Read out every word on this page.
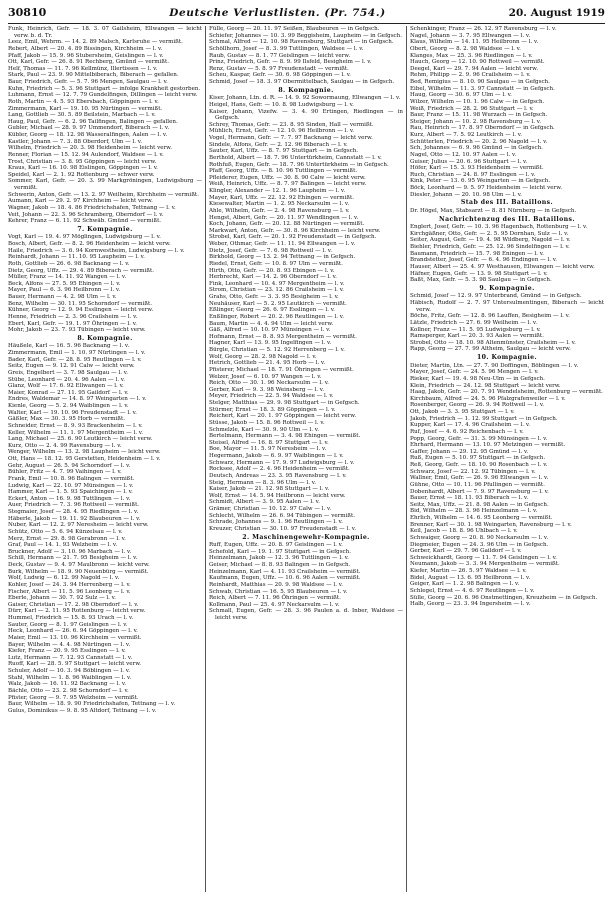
30810	Deutsche Verlustlisten. (Pr. 754.)	20. August 1919

Funk, Heinrich, Gefr. — 18. 3. 07 Gailsheim, Ellwangen — leicht verw. b. d. Tr.

Leez, Emil, Wehrm. — 14. 2. 89 Malsch, Karlsruhe — vermißt.

Rebert, Albert — 20. 4. 89 Bissingen, Kirchheim — l. v.

Pfaff, Jakob — 15. 9. 96 Stubersheim, Geislingen — l. v.

Ott, Karl, Gefr. — 26. 8. 91 Rechberg, Gmünd — vermißt.

Helf, Thomas — 11. 7. 96 Kellmünz, Illertissen — l. v.

Stark, Paul — 23. 9. 90 Mittelbiberach, Biberach — gefallen.

Baur, Friedrich, Gefr. — 5. 7. 96 Mengen, Saulgau — l. v.

Kuhn, Friedrich — 5. 3. 96 Stuttgart — infolge Krankheit gestorben.

Luhmann, Ernst — 12. 7. 79 Gundelfingen, Dillingen — leicht verw.

Roth, Martin — 4. 5. 93 Ebersbach, Göppingen — l. v.

Zimmermann, Karl — 19. 10. 95 Nürtingen — vermißt.

Lang, Gottlieb — 30. 5. 89 Beilstein, Marbach — l. v.

Haug, Paul, Gefr. — 6. 2. 96 Tailfingen, Balingen — gefallen.

Gubler, Michael — 28. 9. 97 Ummendorf, Biberach — l. v.

Kübler, Georg — 18. 12. 98 Wasseralfingen, Aalen — l. v.

Kastler, Johann — 7. 3. 88 Oberdorf, Ulm — l. v.

Wilhelm, Friedrich — 20. 3. 98 Heidenheim — leicht verw.

Renner, Florian — 15. 12. 94 Aulendorf, Waldsee — l. v.

Trost, Christian — 3. 8. 95 Göppingen — leicht verw.

Kraus, Karl — 16. 10. 98 Eislingen, Göppingen — l. v.

Speidel, Karl — 2. 1. 92 Rottenburg — schwer verw.

Sommer, Karl, Gefr. — 20. 3. 99 Markgröningen, Ludwigsburg — vermißt.

Schwerin, Anton, Gefr. — 13. 2. 97 Weilheim, Kirchheim — vermißt.

Aumann, Karl — 29. 2. 97 Kirchheim — leicht verw.

Wagner, Jakob — 18. 4. 86 Friedrichshafen, Tettnang — l. v.

Veit, Johann — 22. 3. 96 Schramberg, Oberndorf — l. v.

Kehrer, Franz — 6. 11. 92 Schwäb. Gmünd — vermißt.

7. Kompagnie.

Vogt, Karl — 19. 4. 97 Möglingen, Ludwigsburg — l. v.

Bosch, Albert, Gefr. — 8. 2. 96 Heidenheim — leicht verw.

Haile, Friedrich — 3. 6. 94 Kornwestheim, Ludwigsburg — l. v.

Reinhardt, Johann — 11. 10. 95 Laupheim — l. v.

Roth, Gottlieb — 26. 6. 98 Backnang — l. v.

Dietz, Georg, Uffz. — 29. 4. 89 Biberach — vermißt.

Müller, Franz — 14. 11. 92 Wangen — l. v.

Beck, Alfons — 27. 5. 95 Ehingen — l. v.

Mayer, Paul — 6. 3. 96 Heilbronn — l. v.

Bauer, Hermann — 4. 2. 98 Ulm — l. v.

Benz, Wilhelm — 30. 11. 95 Schorndorf — vermißt.

Kühner, Georg — 12. 9. 94 Esslingen — leicht verw.

Henne, Friedrich — 2. 3. 96 Crailsheim — l. v.

Ebert, Karl, Gefr. — 19. 1. 97 Öhringen — l. v.

Mohr, Jakob — 23. 7. 93 Tübingen — leicht verw.

8. Kompagnie.

Häußele, Karl — 16. 5. 96 Backnang — l. v.

Zimmermann, Emil — 1. 10. 97 Nürtingen — l. v.

Bader, Karl, Gefr. — 28. 8. 95 Reutlingen — l. v.

Seitz, Eugen — 9. 12. 91 Calw — leicht verw.

Greis, Engelbert — 3. 7. 98 Saulgau — l. v.

Stübe, Leonhard — 20. 4. 96 Aalen — l. v.

Glanz, Wolf — 17. 6. 92 Ellwangen — l. v.

Maier, Konrad — 27. 11. 95 Gaildorf — l. v.

Endres, Waldemar — 14. 8. 97 Weingarten — l. v.

Kienle, Georg — 5. 2. 94 Waiblingen — l. v.

Walter, Karl — 19. 10. 96 Freudenstadt — l. v.

Gäßler, Max — 30. 3. 95 Horb — vermißt.

Schneider, Ernst — 8. 9. 93 Brackenheim — l. v.

Keller, Wilhelm — 11. 1. 97 Mergentheim — l. v.

Lang, Michael — 25. 6. 90 Leutkirch — leicht verw.

Kurz, Otto — 2. 4. 99 Ravensburg — l. v.

Wenger, Wilhelm — 13. 2. 98 Laupheim — leicht verw.

Ott, Hans — 18. 12. 95 Gerstetten, Heidenheim — l. v.

Gehr, August — 26. 5. 94 Schorndorf — l. v.

Bühler, Fritz — 4. 7. 99 Vaihingen — l. v.

Frank, Emil — 10. 8. 96 Balingen — vermißt.

Ludwig, Karl — 22. 10. 97 Münsingen — l. v.

Hammer, Karl — 1. 5. 93 Spaichingen — l. v.

Eckert, Anton — 16. 9. 98 Tuttlingen — l. v.

Auer, Friedrich — 7. 3. 96 Rottweil — vermißt.

Stegmaier, Josef — 28. 4. 95 Riedlingen — l. v.

Häberle, Jakob — 19. 11. 92 Blaubeuren — l. v.

Nuber, Karl — 12. 2. 97 Neresheim — leicht verw.

Schütz, Otto — 5. 6. 94 Künzelsau — l. v.

Merz, Ernst — 29. 8. 98 Gerabronn — l. v.

Graf, Paul — 14. 1. 93 Welzheim — l. v.

Bruckner, Adolf — 3. 10. 96 Marbach — l. v.

Schill, Hermann — 21. 7. 95 Besigheim — l. v.

Deck, Gustav — 9. 4. 97 Maulbronn — leicht verw.

Burk, Wilhelm — 18. 9. 90 Neuenbürg — vermißt.

Wolf, Ludwig — 6. 12. 99 Nagold — l. v.

Kohler, Josef — 24. 3. 94 Herrenberg — l. v.

Fischer, Albert — 11. 5. 96 Leonberg — l. v.

Eberle, Johann — 30. 7. 92 Sulz — l. v.

Gaiser, Christian — 17. 2. 98 Oberndorf — l. v.

Dürr, Karl — 2. 11. 95 Rottenburg — leicht verw.

Hummel, Friedrich — 15. 8. 93 Urach — l. v.

Sauter, Georg — 8. 1. 97 Geislingen — l. v.

Heck, Leonhard — 26. 6. 94 Göppingen — l. v.

Maier, Emil — 13. 10. 96 Kirchheim — vermißt.

Bayer, Wilhelm — 4. 4. 98 Nürtingen — l. v.

Kiefer, Franz — 20. 9. 95 Esslingen — l. v.

Lutz, Hermann — 7. 12. 93 Cannstatt — l. v.

Ruoff, Karl — 28. 5. 97 Stuttgart — leicht verw.

Schuler, Adolf — 10. 3. 94 Böblingen — l. v.

Stahl, Wilhelm — 1. 8. 96 Waiblingen — l. v.

Walz, Jakob — 16. 11. 92 Backnang — l. v.

Bächle, Otto — 23. 2. 98 Schorndorf — l. v.

Pfister, Georg — 9. 7. 95 Welzheim — vermißt.

Baur, Wilhelm — 18. 9. 90 Friedrichshafen, Tettnang — l. v.

Gulus, Dominikus — 9. 8. 95 Altdorf, Tettnang — l. v.

Fülle, Georg — 20. 11. 97 Seißen, Blaubeuren — in Gefgsch.

Schiefer, Johannes — 10. 3. 99 Beggisheim, Laupheim — in Gefgsch.

Schmal, Alfred — 12. 10. 98 Ravensburg, Stuttgart — in Gefgsch.

Schöllhorn, Josef — 8. 3. 99 Tuttlingen, Waldsee — l. v.

Raub, Gustav — 8. 1. 77 Geislingen — leicht verw.

Prinz, Friedrich, Gefr. — 8. 9. 99 Ilsfeld, Besigheim — l. v.

Renz, Gustav — 5. 8. 97 Freudenstadt — vermißt.

Scheu, Kaspar, Gefr. — 30. 6. 98 Göppingen — l. v.

Schmid, Josef — 18. 3. 97 Obermittelbach, Saulgau — in Gefgsch.

8. Kompagnie.

Kiser, Johann, Ltn. d. R. — 14. 9. 92 Sowormaung, Ellwangen — l. v.

Heigel, Hans, Gefr. — 10. 8. 98 Ludwigsburg — l. v.

Kaiser, Johann, Vizefw. — 3. 4. 90 Ertingen, Riedlingen — in Gefgsch.

Schrey, Thomas, Gefr. — 23. 8. 95 Sinden, Hall — vermißt.

Mühlich, Ernst, Gefr. — 12. 10. 96 Heilbronn — l. v.

Vogel, Hermann, Gefr. — 7. 7. 97 Backnang — leicht verw.

Sindele, Alfons, Gefr. — 2. 12. 96 Biberach — l. v.

Sauter, Karl, Uffz. — 8. 7. 97 Stuttgart — in Gefgsch.

Berthold, Albert — 18. 7. 96 Untertürkheim, Cannstatt — l. v.

Rothfuß, Eugen, Gefr. — 18. 7. 96 Untertürkheim — in Gefgsch.

Pfaff, Georg, Uffz. — 8. 10. 96 Tuttlingen — vermißt.

Pfleiderer, Eugen, Uffz. — 30. 8. 90 Calw — leicht verw.

Weiß, Heinrich, Uffz. — 8. 7. 97 Balingen — leicht verw.

Klingler, Alexander — 12. 1. 96 Laupheim — l. v.

Mayer, Karl, Uffz. — 22. 12. 92 Ehingen — vermißt.

Kiesewalter, Martin — 1. 2. 95 Neckarsulm — l. v.

Ahle, Wilhelm, Gefr. — 2. 4. 98 Ravensburg — l. v.

Hengst, Albert, Gefr. — 20. 11. 97 Wendlingen — l. v.

Koch, Johann, Gefr. — 20. 12. 88 Nürtingen — vermißt.

Markwart, Anton, Gefr. — 30. 8. 96 Kirchheim — leicht verw.

Strobel, Karl, Gefr. — 20. 1. 92 Freudenstadt — in Gefgsch.

Weber, Othmar, Gefr. — 11. 11. 94 Ellwangen — l. v.

Dietz, Josef, Gefr. — 7. 6. 98 Rottweil — l. v.

Birkhold, Georg — 13. 2. 94 Tettnang — in Gefgsch.

Riedel, Ernst, Gefr. — 10. 8. 97 Ulm — vermißt.

Hirth, Otto, Gefr. — 20. 8. 93 Ebingen — l. v.

Herbrecht, Karl — 14. 2. 96 Oberndorf — l. v.

Fink, Leonhard — 10. 4. 97 Mergentheim — l. v.

Strom, Christian — 23. 12. 86 Crailsheim — l. v.

Grahs, Otto, Gefr. — 3. 3. 95 Besigheim — l. v.

Neuhäuser, Karl — 5. 2. 95 Leutkirch — vermißt.

Eßlinger, Georg — 26. 6. 97 Esslingen — l. v.

Enßlinger, Robert — 20. 2. 96 Reutlingen — l. v.

Baum, Martin — 4. 4. 94 Ulm — leicht verw.

Gäß, Alfred — 10. 10. 97 Münsingen — l. v.

Hofmann, Ernst — 8. 8. 93 Mergentheim — vermißt.

Hagner, Karl — 13. 9. 95 Ingelfingen — l. v.

Bürgle, Christian — 5. 12. 92 Herrenberg — l. v.

Wolf, Georg — 28. 2. 98 Nagold — l. v.

Hetrich, Gottlieb — 21. 4. 95 Horb — l. v.

Pfisterer, Michael — 18. 7. 91 Öhringen — vermißt.

Welzer, Josef — 6. 10. 97 Wangen — l. v.

Reich, Otto — 30. 1. 96 Neckarsulm — l. v.

Gerber, Karl — 9. 3. 98 Weinsberg — l. v.

Meyer, Friedrich — 22. 5. 94 Waldsee — l. v.

Stelger, Matthias — 29. 9. 98 Stuttgart — in Gefgsch.

Stürmer, Ernst — 18. 3. 89 Göppingen — l. v.

Reichert, Karl — 20. 1. 97 Göppingen — leicht verw.

Stüsse, Jakob — 15. 8. 96 Rottweil — l. v.

Schmelzle, Karl — 30. 9. 90 Ulm — l. v.

Bertelmann, Hermann — 3. 4. 98 Ehingen — vermißt.

Steisel, Alfred — 16. 8. 97 Stuttgart — l. v.

Boe, Mayor — 11. 5. 97 Neresheim — l. v.

Hegermann, Jakob — 6. 9. 97 Waiblingen — l. v.

Schwarz, Hermann — 17. 9. 97 Ludwigsburg — l. v.

Rocksee, Adolf — 2. 4. 96 Heidenheim — vermißt.

Deutsch, Andreas — 23. 3. 95 Ravensburg — l. v.

Steig, Hermann — 8. 3. 96 Ulm — l. v.

Kaiser, Jakob — 21. 12. 98 Stuttgart — l. v.

Wolf, Ernst — 14. 5. 94 Heilbronn — leicht verw.

Schmidt, Albert — 3. 9. 95 Aalen — l. v.

Grämer, Christian — 10. 12. 97 Calw — l. v.

Schlecht, Wilhelm — 26. 6. 94 Tübingen — vermißt.

Schrade, Johannes — 9. 1. 96 Reutlingen — l. v.

Kreuzer, Christian — 30. 10. 97 Freudenstadt — l. v.

2. Maschinengewehr-Kompagnie.

Ruff, Eugen, Uffz. — 20. 8. 97 Geislingen — l. v.

Schefold, Karl — 19. 1. 97 Stuttgart — in Gefgsch.

Heinzelmann, Jakob — 12. 3. 96 Tuttlingen — l. v.

Geiser, Michael — 8. 8. 93 Balingen — in Gefgsch.

Heinzelmann, Karl — 4. 11. 93 Crailsheim — vermißt.

Kaufmann, Eugen, Uffz. — 10. 6. 96 Aalen — vermißt.

Reinhardt, Matthias — 20. 9. 98 Waldsee — l. v.

Schwab, Christian — 16. 5. 95 Blaubeuren — l. v.

Reich, Albert — 7. 11. 96 Öhringen — vermißt.

Kollmann, Paul — 25. 4. 97 Neckarsulm — l. v.

Schmall, Eugen, Gefr. — 28. 3. 96 Paulen a. d. Inber, Waldsee — leicht verw.

Schenkinger, Franz — 26. 12. 97 Ravensburg — l. v.

Nagel, Johann — 3. 7. 95 Ellwangen — l. v.

Klaus, Wilhelm — 14. 11. 95 Heilbronn — l. v.

Obert, Georg — 8. 2. 98 Waldsee — l. v.

Klanges, Max — 25. 3. 96 Riedlingen — l. v.

Hauch, Georg — 12. 10. 90 Rottweil — vermißt.

Deegel, Karl — 29. 7. 94 Aalen — leicht verw.

Rehm, Philipp — 2. 9. 96 Crailsheim — l. v.

Bed, Remigius — 8. 10. 90 Saulgau — in Gefgsch.

Eibel, Wilhelm — 11. 3. 97 Cannstatt — in Gefgsch.

Haug, Georg — 30. 6. 97 Ulm — l. v.

Wilzer, Wilhelm — 10. 1. 96 Calw — in Gefgsch.

Weiß, Friedrich — 28. 2. 96 Stuttgart — l. v.

Baur, Franz — 15. 11. 98 Wurzach — in Gefgsch.

Steiger, Johann — 10. 2. 98 Ravensburg — l. v.

Rau, Heinrich — 17. 8. 97 Oberndorf — in Gefgsch.

Kurz, Albert — 7. 5. 92 Leutkirch — l. v.

Schütterlen, Friedrich — 20. 2. 96 Nagold — l. v.

Sch, Johannes — 6. 9. 96 Gmünd — in Gefgsch.

Nagel, Otto — 12. 10. 97 Aalen — l. v.

Guiser, Julius — 20. 6. 96 Stuttgart — l. v.

Höfer, Karl — 15. 3. 93 Heidenheim — vermißt.

Ruch, Christian — 24. 8. 97 Esslingen — l. v.

Kink, Peter — 13. 6. 95 Weingarten — in Gefgsch.

Böck, Leonhard — 9. 5. 97 Heidenheim — leicht verw.

Diesler, Johann — 20. 10. 98 Ulm — l. v.

Stab des III. Bataillons.

Dr. Högel, Max, Stabsarzt — 8. 81 Nürnberg — in Gefgsch.

Nachrichtenzug des III. Bataillons.

Englert, Josef, Gefr. — 10. 3. 96 Hagenbach, Rottenburg — l. v.

Kirchgäßner, Otto, Gefr. — 2. 5. 95 Dornhan, Sulz — l. v.

Seiter, August, Gefr. — 19. 4. 98 Wildberg, Nagold — l. v.

Biehler, Friedrich, Gefr. — 25. 12. 96 Sindelfingen — l. v.

Baumann, Friedrich — 15. 7. 98 Eningen — l. v.

Brandstetter, Josef, Gefr. — 6. 4. 96 Endingen — l. v.

Hauser, Albert — 25. 4. 97 Westhausen, Ellwangen — leicht verw.

Häfner, Eugen, Gefr. — 13. 9. 98 Stuttgart — l. v.

Baßt, Max, Gefr. — 5. 3. 98 Saulgau — in Gefgsch.

9. Kompagnie.

Schmid, Josef — 12. 9. 97 Unterbrand, Gmünd — in Gefgsch.

Häbisch, Rudolf — 2. 7. 97 Untersulmentingen, Biberach — leicht verw.

Böche, Fritz, Gefr. — 12. 8. 96 Lauffen, Besigheim — l. v.

Lätzle, Friedrich — 27. 6. 99 Weilheim — l. v.

Kollner, Franz — 11. 5. 95 Ludwigsburg — l. v.

Ramsperger, Karl — 20. 3. 93 Aalen — vermißt.

Strobel, Otto — 18. 10. 98 Altenmünster, Crailsheim — l. v.

Rapp, Georg — 27. 7. 99 Altheim, Saulgau — leicht verw.

10. Kompagnie.

Dieter, Martin, Ltn. — 27. 7. 90 Doffingen, Böblingen — l. v.

Mayer, Josef, Gefr. — 24. 5. 96 Mengen — l. v.

Rieker, Karl — 19. 4. 98 Neu-Ulm — in Gefgsch.

Klein, Friedrich — 24. 12. 98 Stuttgart — leicht verw.

Haag, Jakob, Gefr. — 20. 7. 91 Wendelsheim, Rottenburg — vermißt.

Kirchbaum, Alfred — 24. 5. 96 Pfalzgrafenweiler — l. v.

Rosenberger, Georg — 26. 9. 94 Rottweil — l. v.

Ott, Jakob — 3. 3. 95 Stuttgart — l. v.

Jakob, Friedrich — 1. 12. 99 Stuttgart — in Gefgsch.

Kupper, Karl — 17. 4. 96 Crailsheim — l. v.

Ruf, Josef — 4. 6. 92 Reichenbach — l. v.

Popp, Georg, Gefr. — 31. 3. 99 Münsingen — l. v.

Ehrhard, Hermann — 13. 10. 97 Metzingen — vermißt.

Gaffer, Johann — 29. 12. 95 Gmünd — l. v.

Ruß, Eugen — 5. 10. 97 Stuttgart — in Gefgsch.

Reß, Georg, Gefr. — 18. 10. 90 Rosenbach — l. v.

Schwarz, Josef — 22. 12. 92 Tübingen — l. v.

Wallner, Emil, Gefr. — 26. 9. 96 Ellwangen — l. v.

Gühne, Otto — 10. 11. 96 Pfullingen — vermißt.

Dobenhardt, Albert — 7. 9. 97 Ravensburg — l. v.

Bauer, Ernst — 18. 11. 93 Biberach — l. v.

Seitz, Max, Uffz. — 21. 8. 98 Aalen — in Gefgsch.

Bid, Wilhelm — 28. 3. 96 Heinzelmann — l. v.

Ehrlich, Wilhelm — 14. 6. 95 Leonberg — vermißt.

Brenner, Karl — 30. 1. 98 Weingarten, Ravensburg — l. v.

Keil, Jacob — 18. 8. 96 Uhlbach — l. v.

Schwaiger, Georg — 20. 8. 90 Neckarsulm — l. v.

Diegmeier, Eugen — 24. 3. 96 Ulm — in Gefgsch.

Gerber, Karl — 29. 7. 96 Gaildorf — l. v.

Schweickhardt, Georg — 11. 7. 94 Geislingen — l. v.

Neumann, Jakob — 3. 3. 94 Mergentheim — vermißt.

Kiefer, Martin — 26. 5. 97 Waldsee — l. v.

Bidel, August — 13. 6. 95 Heilbronn — l. v.

Geiger, Karl — 1. 2. 98 Balingen — l. v.

Schlegel, Ernst — 4. 6. 97 Reutlingen — l. v.

Sülle, Georg — 20. 6. 96 Onstmettingen, Kreuzheim — in Gefgsch.

Halb, Georg — 23. 3. 94 Ingersheim — l. v.
